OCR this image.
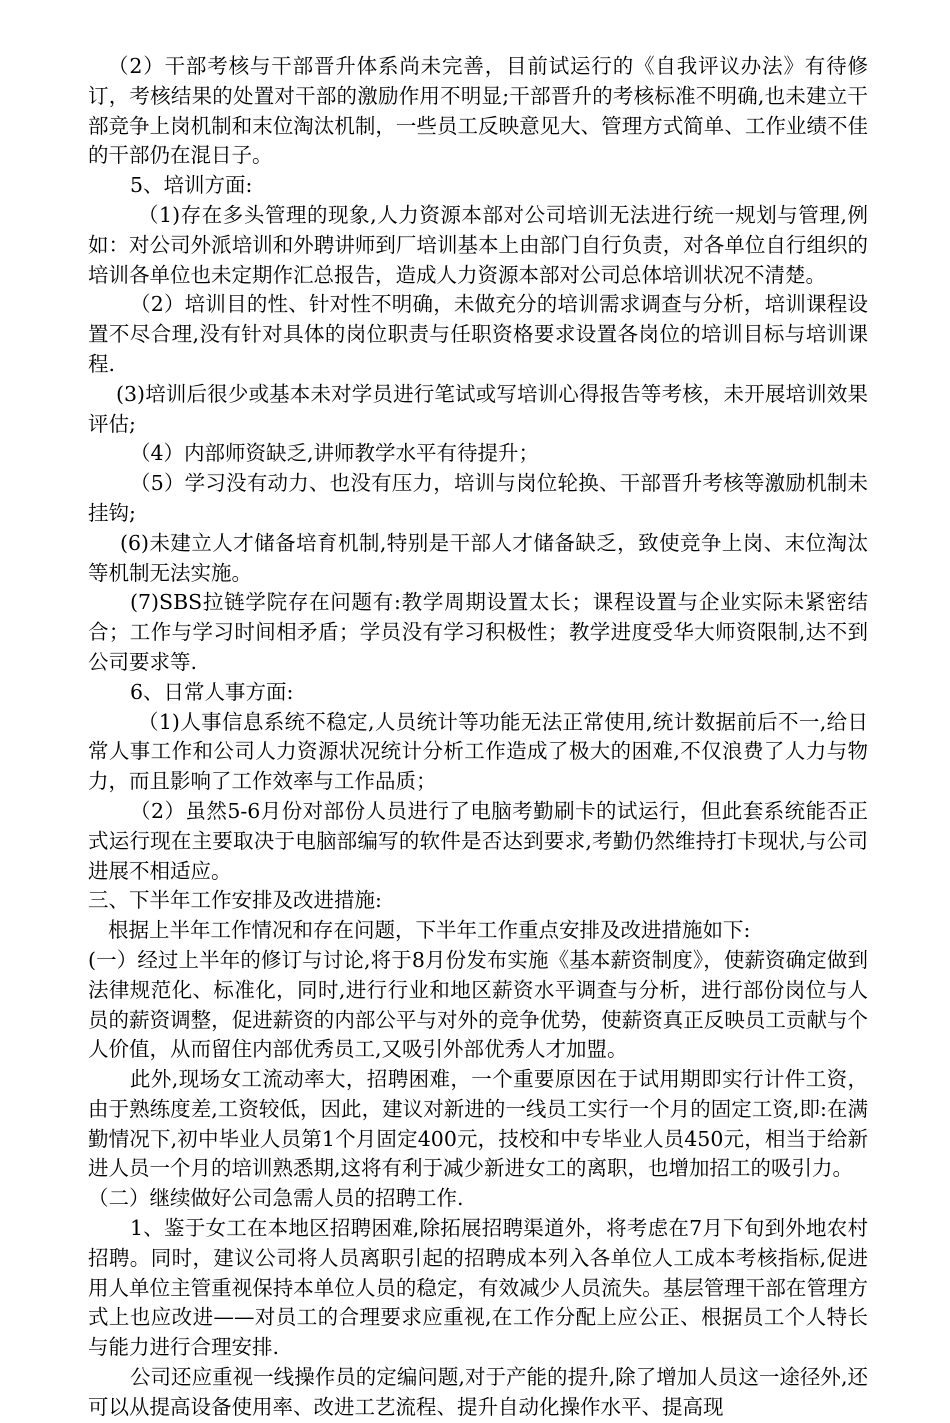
（2）干部考核与干部晋升体系尚未完善，目前试运行的《自我评议办法》有待修订，考核结果的处置对干部的激励作用不明显;干部晋升的考核标准不明确,也未建立干部竞争上岗机制和末位淘汰机制，一些员工反映意见大、管理方式简单、工作业绩不佳的干部仍在混日子。

5、培训方面:

（1)存在多头管理的现象,人力资源本部对公司培训无法进行统一规划与管理,例如：对公司外派培训和外聘讲师到厂培训基本上由部门自行负责，对各单位自行组织的培训各单位也未定期作汇总报告，造成人力资源本部对公司总体培训状况不清楚。

（2）培训目的性、针对性不明确，未做充分的培训需求调查与分析，培训课程设置不尽合理,没有针对具体的岗位职责与任职资格要求设置各岗位的培训目标与培训课程.

(3)培训后很少或基本未对学员进行笔试或写培训心得报告等考核，未开展培训效果评估;

（4）内部师资缺乏,讲师教学水平有待提升；

（5）学习没有动力、也没有压力，培训与岗位轮换、干部晋升考核等激励机制未挂钩;

(6)未建立人才储备培育机制,特别是干部人才储备缺乏，致使竞争上岗、末位淘汰等机制无法实施。

(7)SBS拉链学院存在问题有:教学周期设置太长；课程设置与企业实际未紧密结合；工作与学习时间相矛盾；学员没有学习积极性；教学进度受华大师资限制,达不到公司要求等.

6、日常人事方面:

（1)人事信息系统不稳定,人员统计等功能无法正常使用,统计数据前后不一,给日常人事工作和公司人力资源状况统计分析工作造成了极大的困难,不仅浪费了人力与物力，而且影响了工作效率与工作品质；

（2）虽然5-6月份对部份人员进行了电脑考勤刷卡的试运行，但此套系统能否正式运行现在主要取决于电脑部编写的软件是否达到要求,考勤仍然维持打卡现状,与公司进展不相适应。

三、下半年工作安排及改进措施:

根据上半年工作情况和存在问题，下半年工作重点安排及改进措施如下:

(一）经过上半年的修订与讨论,将于8月份发布实施《基本薪资制度》，使薪资确定做到法律规范化、标准化，同时,进行行业和地区薪资水平调查与分析，进行部份岗位与人员的薪资调整，促进薪资的内部公平与对外的竞争优势，使薪资真正反映员工贡献与个人价值，从而留住内部优秀员工,又吸引外部优秀人才加盟。

此外,现场女工流动率大，招聘困难，一个重要原因在于试用期即实行计件工资，由于熟练度差,工资较低，因此，建议对新进的一线员工实行一个月的固定工资,即:在满勤情况下,初中毕业人员第1个月固定400元，技校和中专毕业人员450元，相当于给新进人员一个月的培训熟悉期,这将有利于减少新进女工的离职，也增加招工的吸引力。

（二）继续做好公司急需人员的招聘工作.

1、鉴于女工在本地区招聘困难,除拓展招聘渠道外，将考虑在7月下旬到外地农村招聘。同时，建议公司将人员离职引起的招聘成本列入各单位人工成本考核指标,促进用人单位主管重视保持本单位人员的稳定，有效减少人员流失。基层管理干部在管理方式上也应改进——对员工的合理要求应重视,在工作分配上应公正、根据员工个人特长与能力进行合理安排.

公司还应重视一线操作员的定编问题,对于产能的提升,除了增加人员这一途径外,还可以从提高设备使用率、改进工艺流程、提升自动化操作水平、提高现
